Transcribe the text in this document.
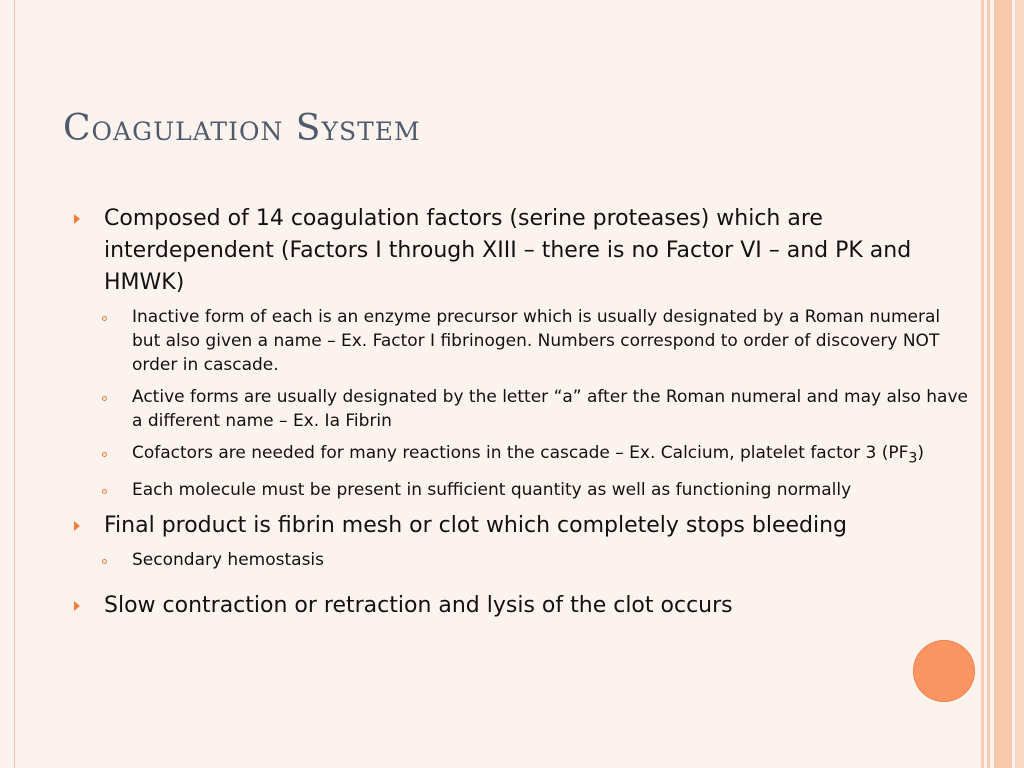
Coagulation System
Composed of 14 coagulation factors (serine proteases) which are interdependent (Factors I through XIII – there is no Factor VI – and PK and HMWK)
Inactive form of each is an enzyme precursor which is usually designated by a Roman numeral but also given a name – Ex. Factor I fibrinogen. Numbers correspond to order of discovery NOT order in cascade.
Active forms are usually designated by the letter “a” after the Roman numeral and may also have a different name – Ex. Ia Fibrin
Cofactors are needed for many reactions in the cascade – Ex. Calcium, platelet factor 3 $(PF_3)$
Each molecule must be present in sufficient quantity as well as functioning normally
Final product is fibrin mesh or clot which completely stops bleeding
Secondary hemostasis
Slow contraction or retraction and lysis of the clot occurs
